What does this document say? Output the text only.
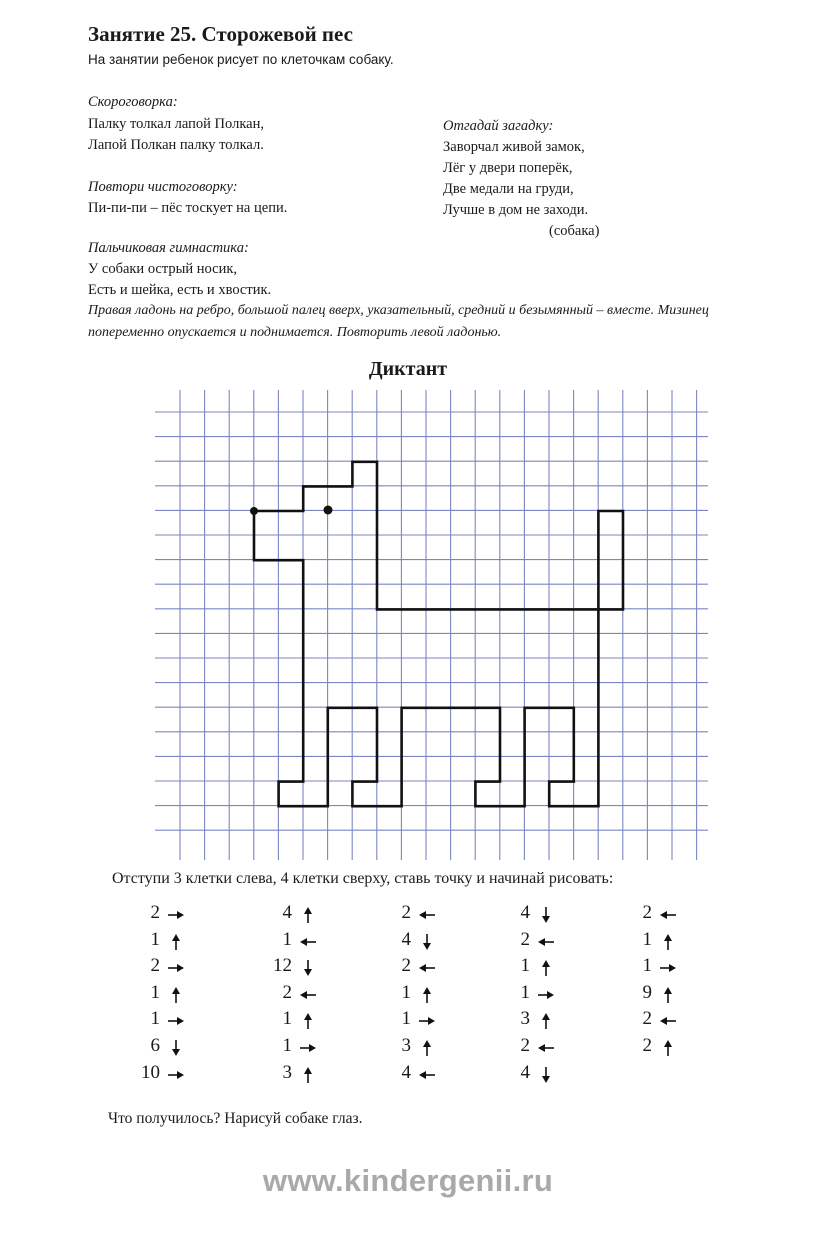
Занятие 25. Сторожевой пес
На занятии ребенок рисует по клеточкам собаку.
Скороговорка:
Палку толкал лапой Полкан,
Лапой Полкан палку толкал.
Повтори чистоговорку:
Пи-пи-пи – пёс тоскует на цепи.
Пальчиковая гимнастика:
У собаки острый носик,
Есть и шейка, есть и хвостик.
Правая ладонь на ребро, большой палец вверх, указательный, средний и безымянный – вместе. Мизинец попеременно опускается и поднимается. Повторить левой ладонью.
Отгадай загадку:
Заворчал живой замок,
Лёг у двери поперёк,
Две медали на груди,
Лучше в дом не заходи.
(собака)
Диктант
Отступи 3 клетки слева, 4 клетки сверху, ставь точку и начинай рисовать:
2
1
2
1
1
6
10
4
1
12
2
1
1
3
2
4
2
1
1
3
4
4
2
1
1
3
2
4
2
1
1
9
2
2
Что получилось? Нарисуй собаке глаз.
www.kindergenii.ru
